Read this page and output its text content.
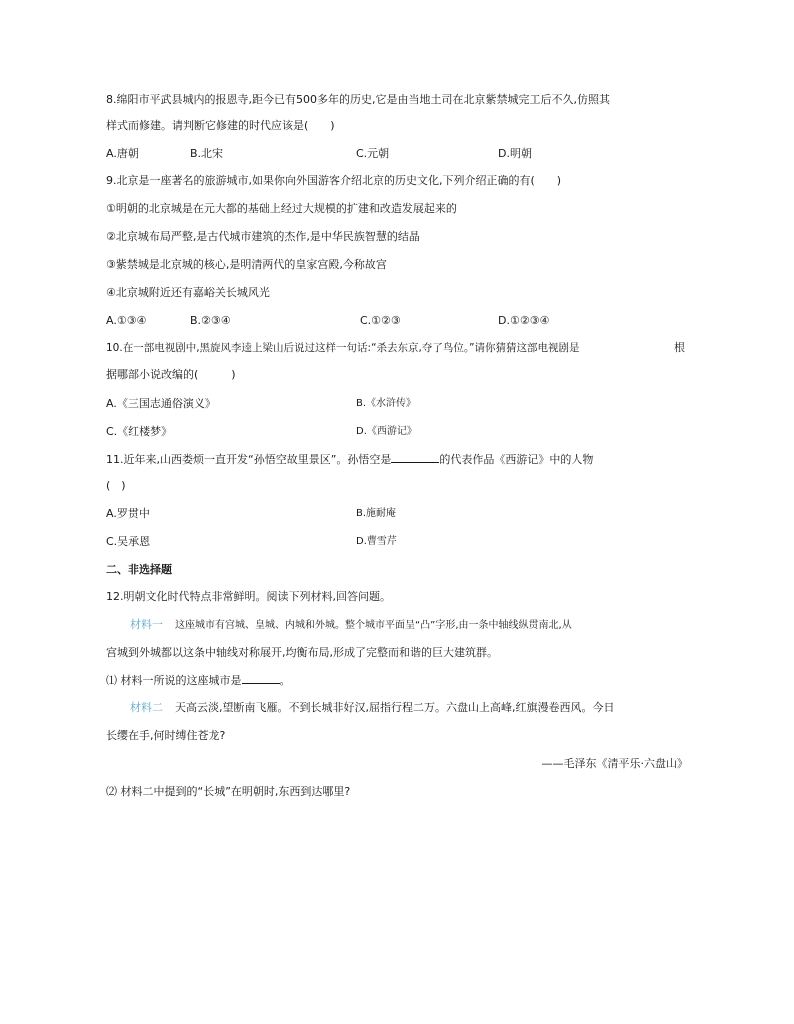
8.绵阳市平武县城内的报恩寺,距今已有500多年的历史,它是由当地土司在北京紫禁城完工后不久,仿照其
样式而修建。请判断它修建的时代应该是(　　)
A.唐朝	B.北宋	C.元朝	D.明朝
9.北京是一座著名的旅游城市,如果你向外国游客介绍北京的历史文化,下列介绍正确的有(　　)
①明朝的北京城是在元大都的基础上经过大规模的扩建和改造发展起来的
②北京城布局严整,是古代城市建筑的杰作,是中华民族智慧的结晶
③紫禁城是北京城的核心,是明清两代的皇家宫殿,今称故宫
④北京城附近还有嘉峪关长城风光
A.①③④	B.②③④	C.①②③	D.①②③④
10.在一部电视剧中,黑旋风李逵上梁山后说过这样一句话:“杀去东京,夺了鸟位。”请你猜猜这部电视剧是	根
据哪部小说改编的(　　　)
A.《三国志通俗演义》	B.《水浒传》
C.《红楼梦》	D.《西游记》
11.近年来,山西娄烦一直开发“孙悟空故里景区”。孙悟空是	的代表作品《西游记》中的人物
(　)
A.罗贯中	B.施耐庵
C.吴承恩	D.曹雪芹
二、非选择题
12.明朝文化时代特点非常鲜明。阅读下列材料,回答问题。
材料一 这座城市有宫城、皇城、内城和外城。整个城市平面呈“凸”字形,由一条中轴线纵贯南北,从
宫城到外城都以这条中轴线对称展开,均衡布局,形成了完整而和谐的巨大建筑群。
⑴ 材料一所说的这座城市是	。
材料二 天高云淡,望断南飞雁。不到长城非好汉,屈指行程二万。六盘山上高峰,红旗漫卷西风。今日
长缨在手,何时缚住苍龙?
——毛泽东《清平乐·六盘山》
⑵ 材料二中提到的“长城”在明朝时,东西到达哪里?
